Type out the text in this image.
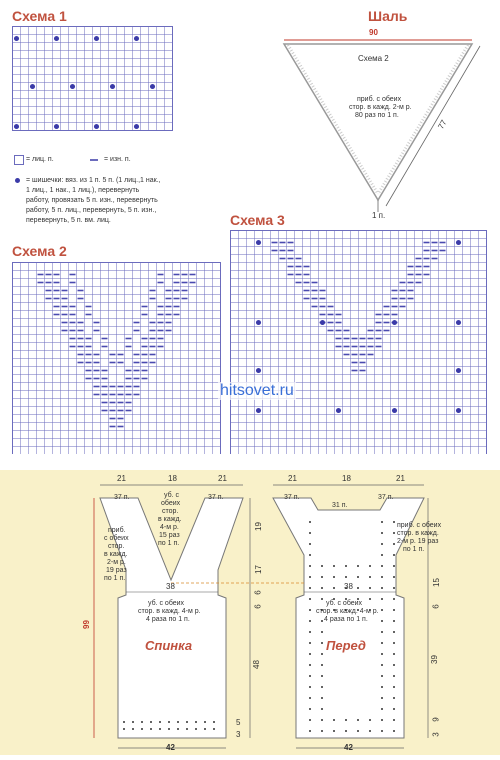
Схема 1	Шаль
Схема 2
Схема 3
= лиц. п.	= изн. п.
= шишечки: вяз. из 1 п. 5 п. (1 лиц.,1 нак.,
1 лиц., 1 нак., 1 лиц.), перевернуть
работу, провязать 5 п. изн., перевернуть
работу, 5 п. лиц., перевернуть, 5 п. изн.,
перевернуть, 5 п. вм. лиц.
90
77
Схема 2
приб. с обеих
стор. в кажд. 2-м р.
80 раз по 1 п.
1 п.
hitsovet.ru
21	18	21
37 п.	37 п.
уб. с
обеих
стор.
в кажд.
4-м р.
15 раз
по 1 п.
приб.
с обеих
стор.
в кажд.
2-м р.
19 раз
по 1 п.
38
уб. с обеих
стор. в кажд. 4-м р.
4 раза по 1 п.
Спинка
99
19
17
6
6
48
5
3
42
21	18	21
37 п.	37 п.
31 п.
приб. с обеих
стор. в кажд.
2-м р. 19 раз
по 1 п.
38
уб. с обеих
стор. в кажд. 4-м р.
4 раза по 1 п.
Перед
15
6
39
9
3
42
